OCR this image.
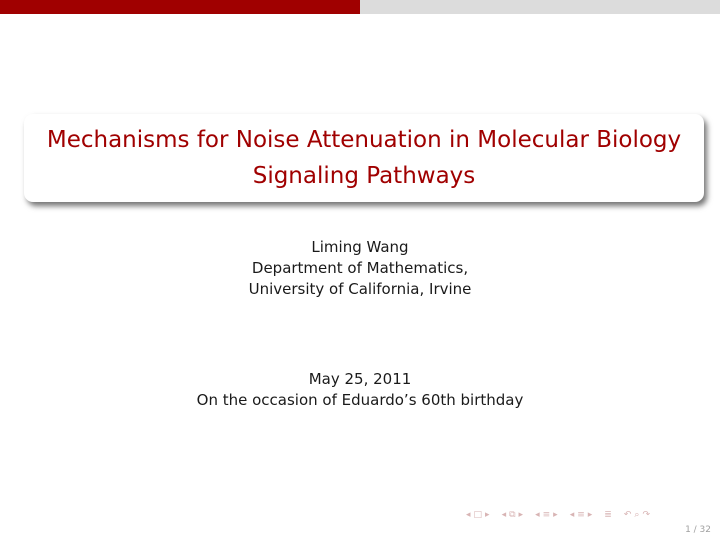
Mechanisms for Noise Attenuation in Molecular Biology
Signaling Pathways
Liming Wang
Department of Mathematics,
University of California, Irvine
May 25, 2011
On the occasion of Eduardo’s 60th birthday
◂ □ ▸ ◂ ⧉ ▸ ◂ ≡ ▸ ◂ ≡ ▸ ≣ ↶ ⌕ ↷
1 / 32
